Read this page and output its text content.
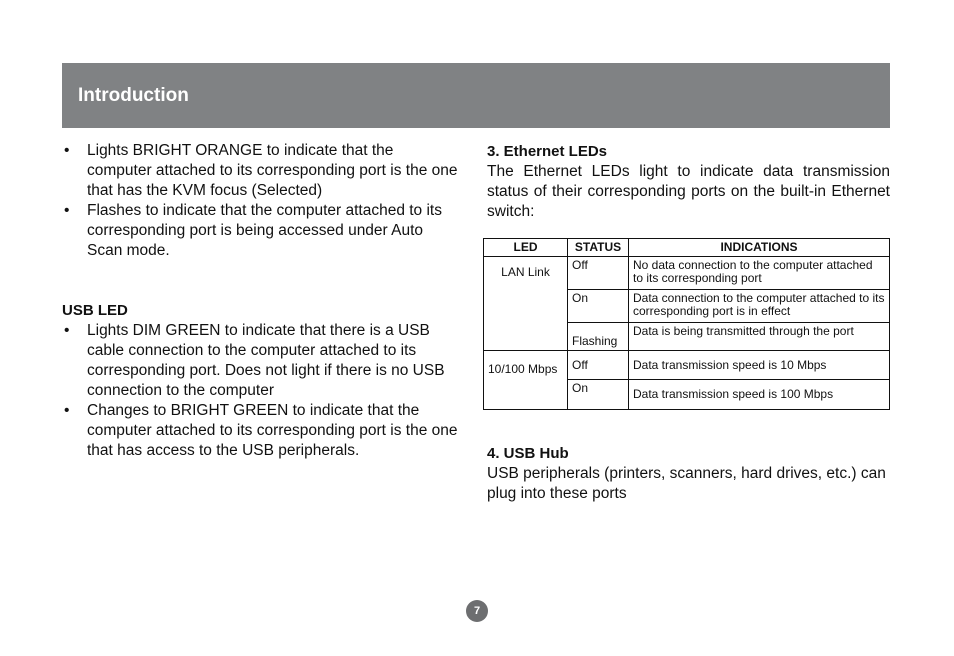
Introduction
• Lights BRIGHT ORANGE to indicate that the computer attached to its corresponding port is the one that has the KVM focus (Selected)
• Flashes to indicate that the computer attached to its corresponding port is being accessed under Auto Scan mode.
USB LED
• Lights DIM GREEN to indicate that there is a USB cable connection to the computer attached to its corresponding port. Does not light if there is no USB connection to the computer
• Changes to BRIGHT GREEN to indicate that the computer attached to its corresponding port is the one that has access to the USB peripherals.
3. Ethernet LEDs
The Ethernet LEDs light to indicate data transmission status of their corresponding ports on the built-in Ethernet switch:
LED	STATUS	INDICATIONS
LAN Link	Off	No data connection to the computer attached to its corresponding port
	On	Data connection to the computer attached to its corresponding port is in effect
	Flashing	Data is being transmitted through the port
10/100 Mbps	Off	Data transmission speed is 10 Mbps
	On	Data transmission speed is 100 Mbps
4. USB Hub
USB peripherals (printers, scanners, hard drives, etc.) can plug into these ports
7
